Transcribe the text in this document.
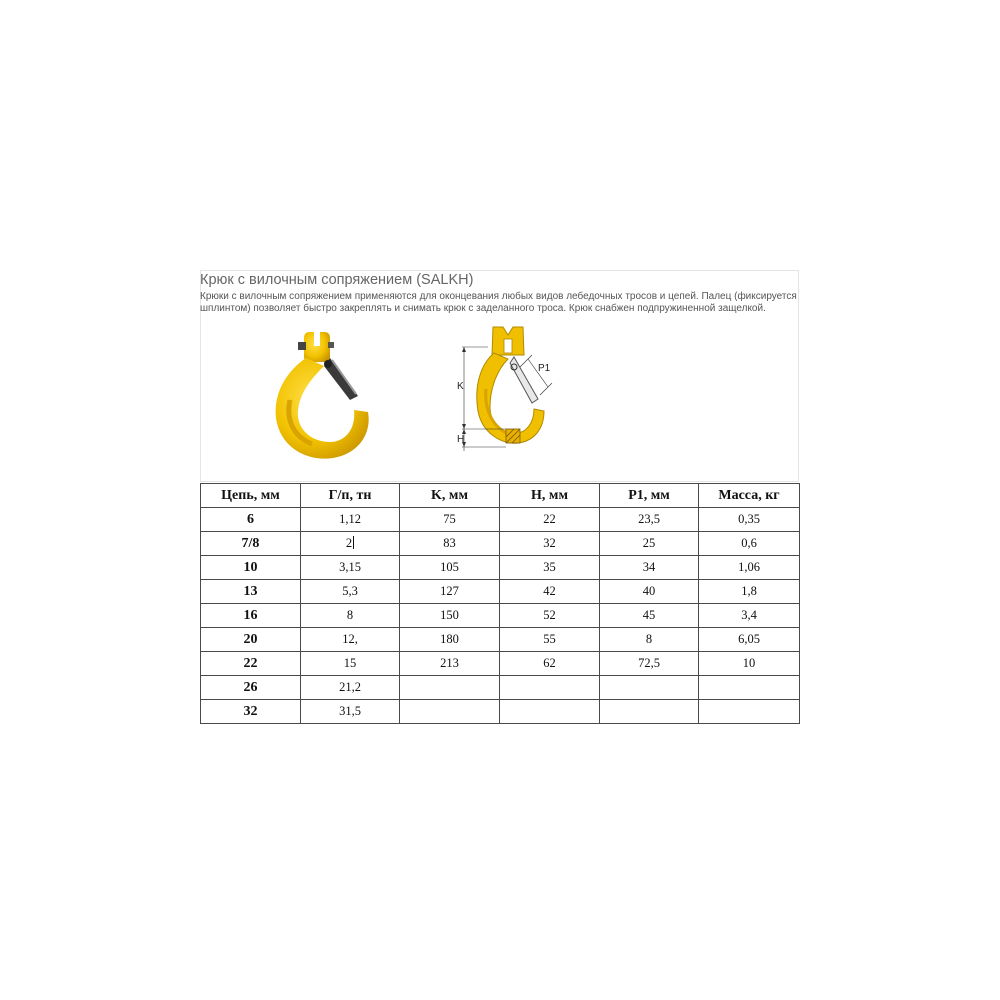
Крюк с вилочным сопряжением (SALKH)
Крюки с вилочным сопряжением применяются для оконцевания любых видов лебедочных тросов и цепей. Палец (фиксируется шплинтом) позволяет быстро закреплять и снимать крюк с заделанного троса. Крюк снабжен подпружиненной защелкой.
K
H
P1
Цепь, мм	Г/п, тн	K, мм	H, мм	P1, мм	Масса, кг
6	1,12	75	22	23,5	0,35
7/8	2	83	32	25	0,6
10	3,15	105	35	34	1,06
13	5,3	127	42	40	1,8
16	8	150	52	45	3,4
20	12,	180	55	8	6,05
22	15	213	62	72,5	10
26	21,2				
32	31,5				
